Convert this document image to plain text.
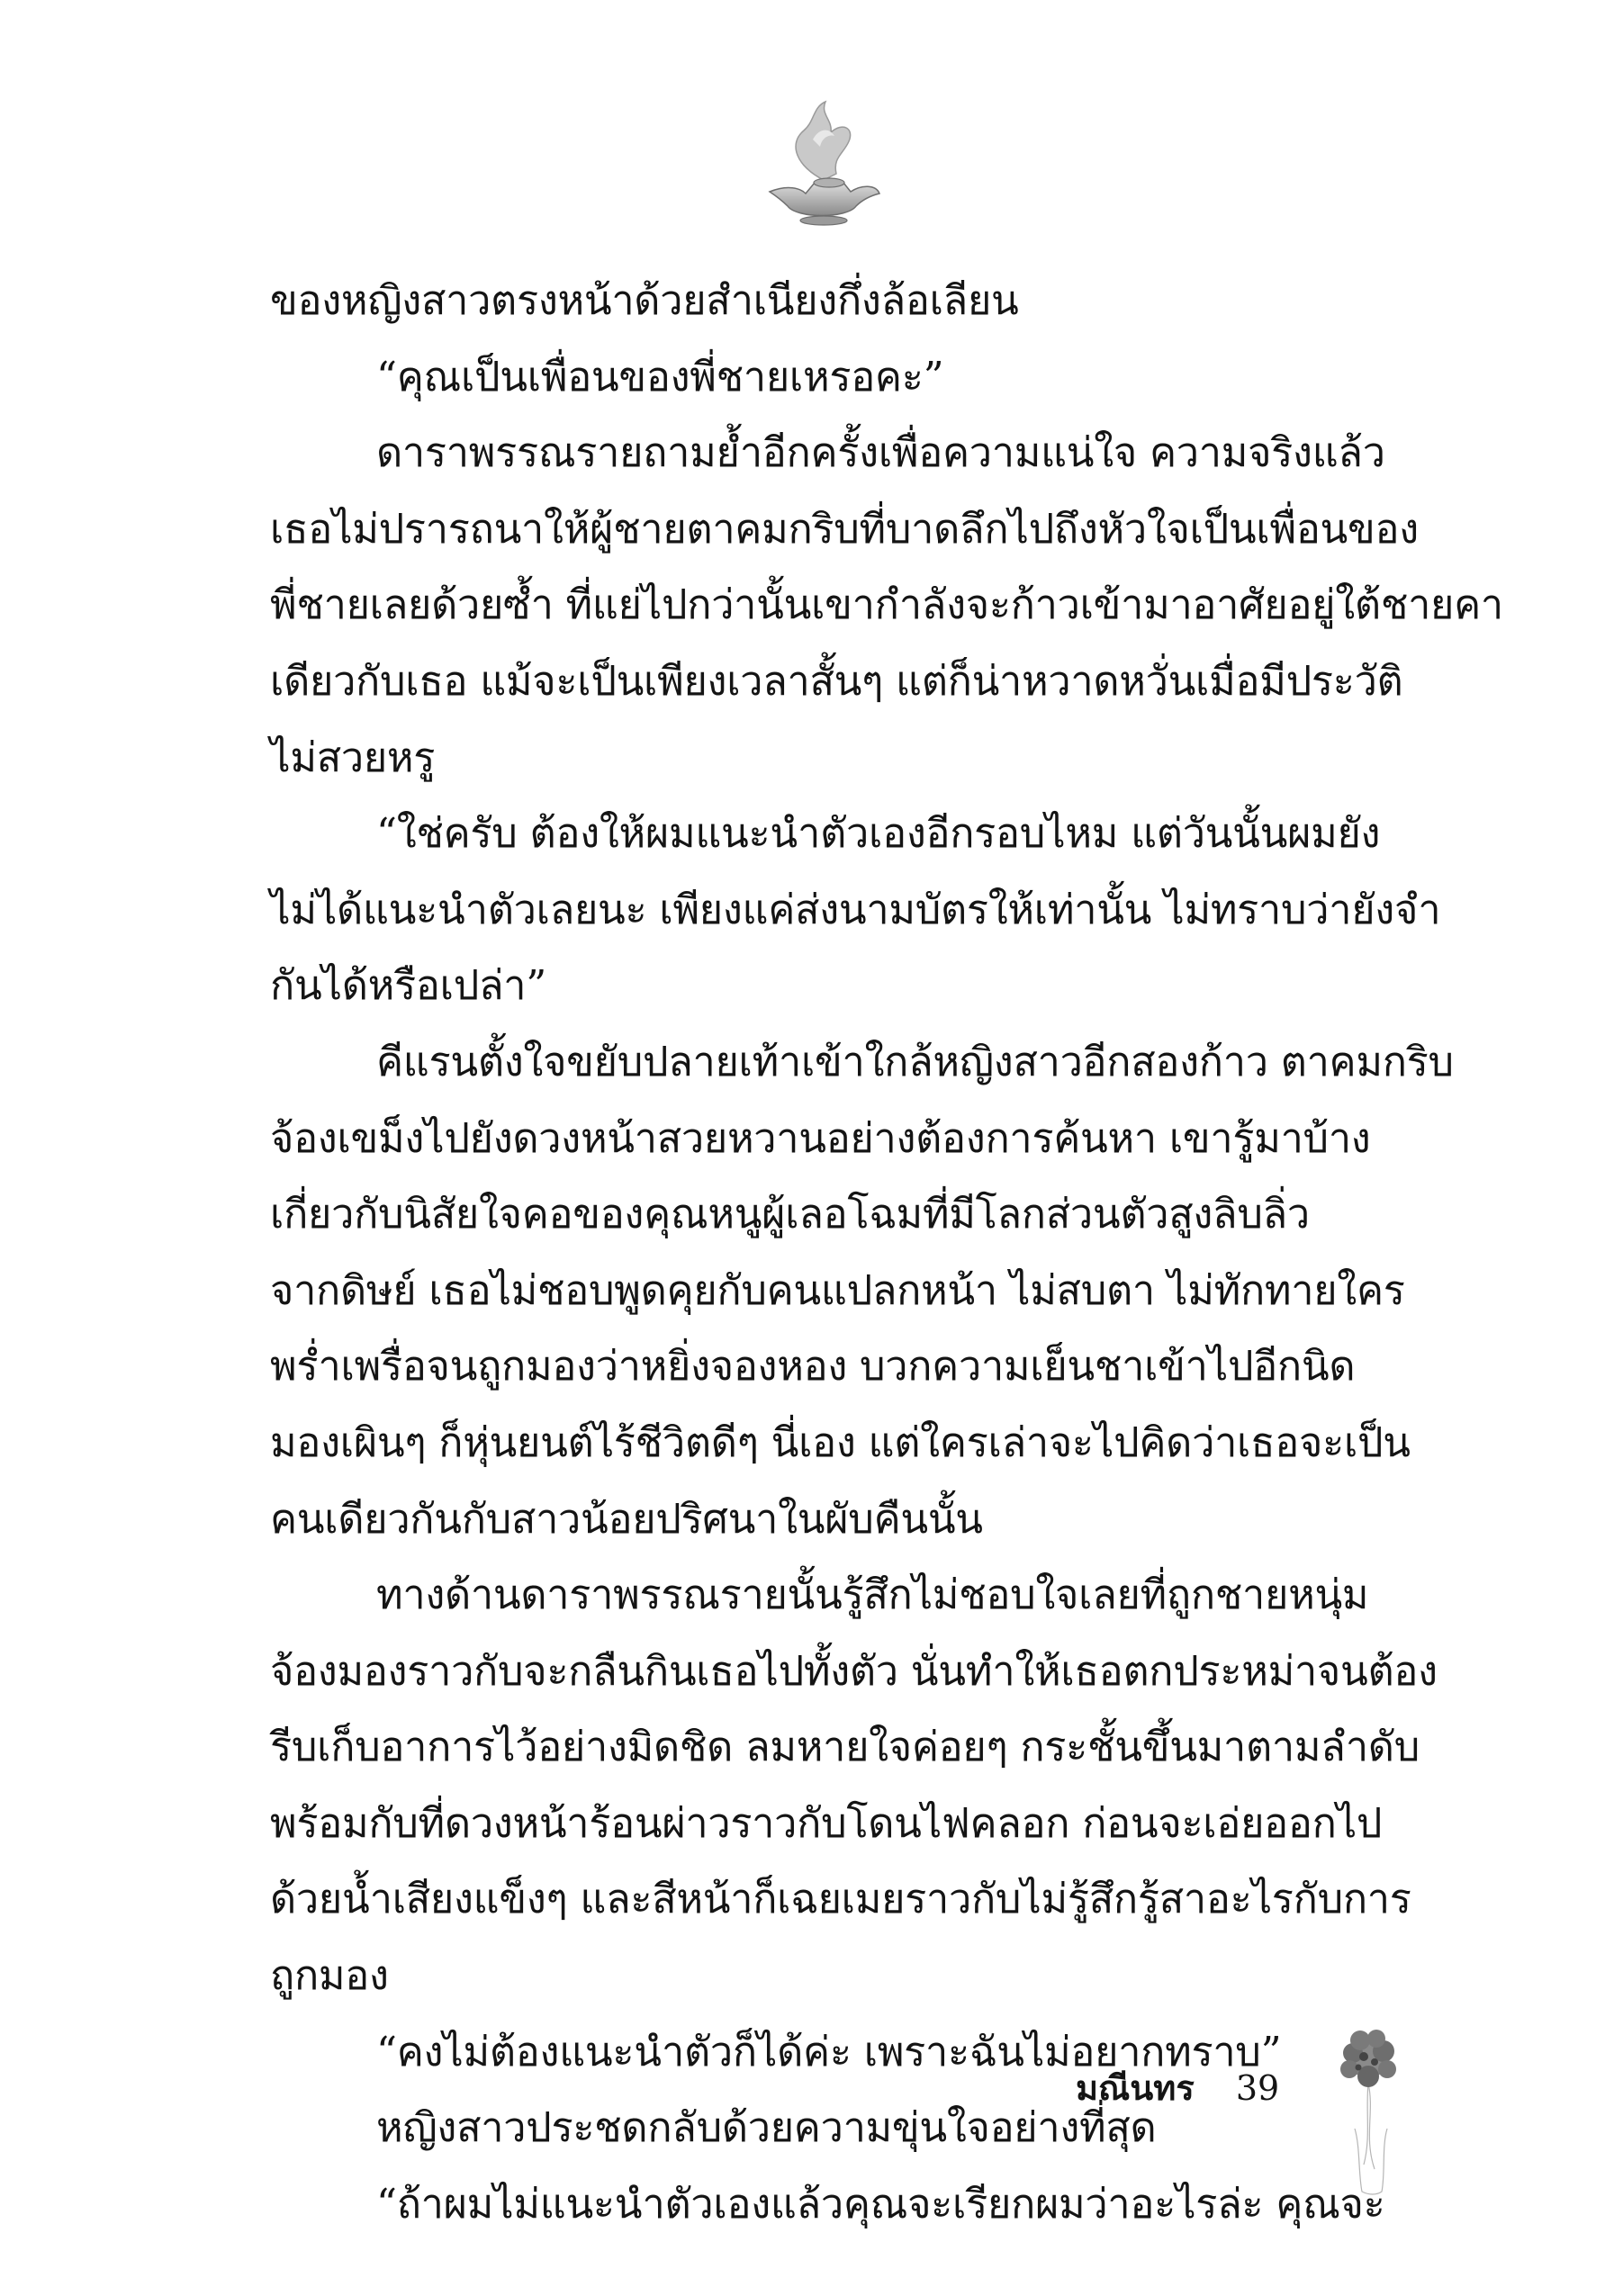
ของหญิงสาวตรงหน้าด้วยสำเนียงกึ่งล้อเลียน
“คุณเป็นเพื่อนของพี่ชายเหรอคะ”
ดาราพรรณรายถามย้ำอีกครั้งเพื่อความแน่ใจ ความจริงแล้ว
เธอไม่ปรารถนาให้ผู้ชายตาคมกริบที่บาดลึกไปถึงหัวใจเป็นเพื่อนของ
พี่ชายเลยด้วยซ้ำ ที่แย่ไปกว่านั้นเขากำลังจะก้าวเข้ามาอาศัยอยู่ใต้ชายคา
เดียวกับเธอ แม้จะเป็นเพียงเวลาสั้นๆ แต่ก็น่าหวาดหวั่นเมื่อมีประวัติ
ไม่สวยหรู
“ใช่ครับ ต้องให้ผมแนะนำตัวเองอีกรอบไหม แต่วันนั้นผมยัง
ไม่ได้แนะนำตัวเลยนะ เพียงแค่ส่งนามบัตรให้เท่านั้น ไม่ทราบว่ายังจำ
กันได้หรือเปล่า”
คีแรนตั้งใจขยับปลายเท้าเข้าใกล้หญิงสาวอีกสองก้าว ตาคมกริบ
จ้องเขม็งไปยังดวงหน้าสวยหวานอย่างต้องการค้นหา เขารู้มาบ้าง
เกี่ยวกับนิสัยใจคอของคุณหนูผู้เลอโฉมที่มีโลกส่วนตัวสูงลิบลิ่ว
จากดิษย์ เธอไม่ชอบพูดคุยกับคนแปลกหน้า ไม่สบตา ไม่ทักทายใคร
พร่ำเพรื่อจนถูกมองว่าหยิ่งจองหอง บวกความเย็นชาเข้าไปอีกนิด
มองเผินๆ ก็หุ่นยนต์ไร้ชีวิตดีๆ นี่เอง แต่ใครเล่าจะไปคิดว่าเธอจะเป็น
คนเดียวกันกับสาวน้อยปริศนาในผับคืนนั้น
ทางด้านดาราพรรณรายนั้นรู้สึกไม่ชอบใจเลยที่ถูกชายหนุ่ม
จ้องมองราวกับจะกลืนกินเธอไปทั้งตัว นั่นทำให้เธอตกประหม่าจนต้อง
รีบเก็บอาการไว้อย่างมิดชิด ลมหายใจค่อยๆ กระชั้นขึ้นมาตามลำดับ
พร้อมกับที่ดวงหน้าร้อนผ่าวราวกับโดนไฟคลอก ก่อนจะเอ่ยออกไป
ด้วยน้ำเสียงแข็งๆ และสีหน้าก็เฉยเมยราวกับไม่รู้สึกรู้สาอะไรกับการ
ถูกมอง
“คงไม่ต้องแนะนำตัวก็ได้ค่ะ เพราะฉันไม่อยากทราบ”
หญิงสาวประชดกลับด้วยความขุ่นใจอย่างที่สุด
“ถ้าผมไม่แนะนำตัวเองแล้วคุณจะเรียกผมว่าอะไรล่ะ คุณจะ
มณีนทร 39
